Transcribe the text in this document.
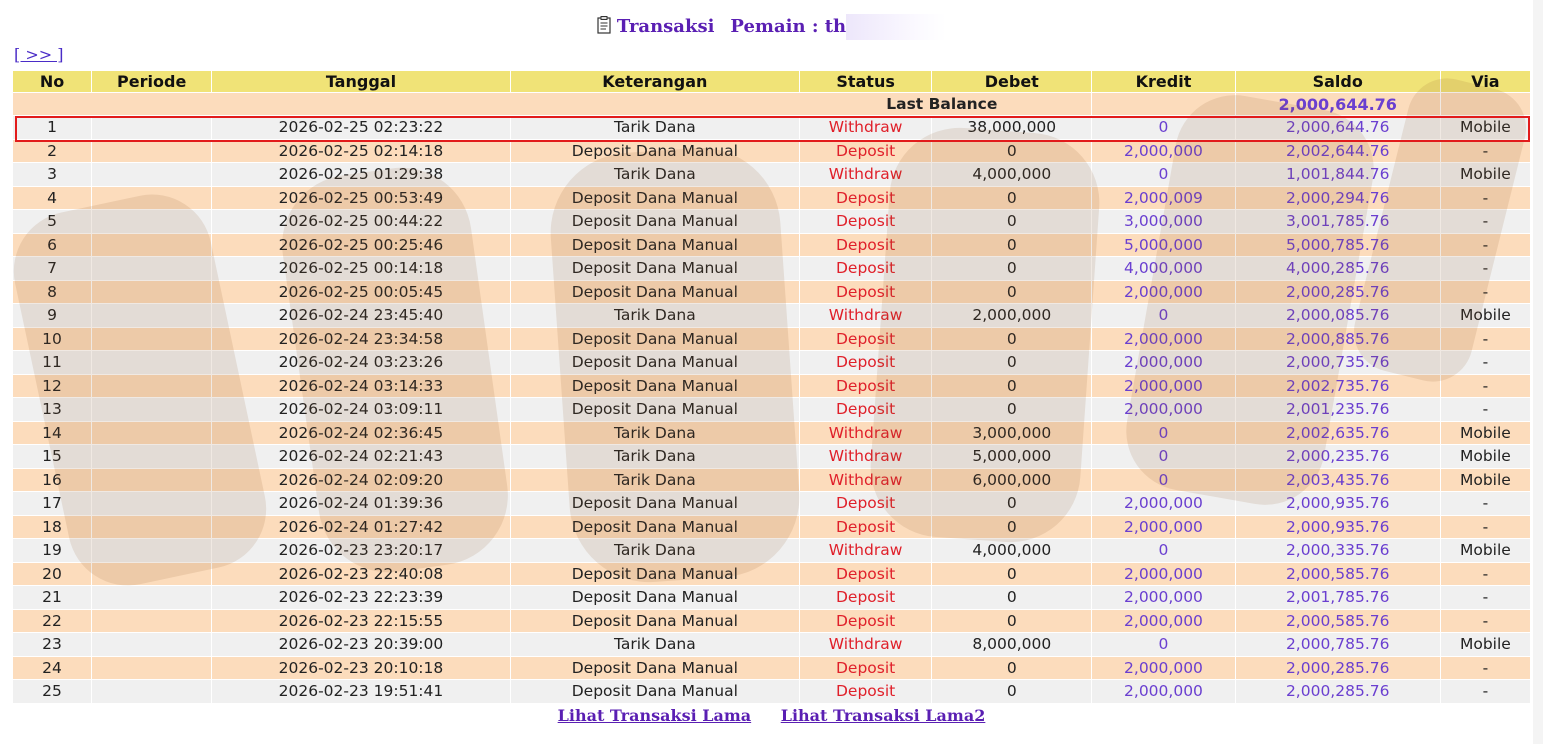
Transaksi Pemain : th
[ >> ]
No	Periode	Tanggal	Keterangan	Status	Debet	Kredit	Saldo	Via
Last Balance							2,000,644.76	
1		2026-02-25 02:23:22	Tarik Dana	Withdraw	38,000,000	0	2,000,644.76	Mobile
2		2026-02-25 02:14:18	Deposit Dana Manual	Deposit	0	2,000,000	2,002,644.76	-
3		2026-02-25 01:29:38	Tarik Dana	Withdraw	4,000,000	0	1,001,844.76	Mobile
4		2026-02-25 00:53:49	Deposit Dana Manual	Deposit	0	2,000,009	2,000,294.76	-
5		2026-02-25 00:44:22	Deposit Dana Manual	Deposit	0	3,000,000	3,001,785.76	-
6		2026-02-25 00:25:46	Deposit Dana Manual	Deposit	0	5,000,000	5,000,785.76	-
7		2026-02-25 00:14:18	Deposit Dana Manual	Deposit	0	4,000,000	4,000,285.76	-
8		2026-02-25 00:05:45	Deposit Dana Manual	Deposit	0	2,000,000	2,000,285.76	-
9		2026-02-24 23:45:40	Tarik Dana	Withdraw	2,000,000	0	2,000,085.76	Mobile
10		2026-02-24 23:34:58	Deposit Dana Manual	Deposit	0	2,000,000	2,000,885.76	-
11		2026-02-24 03:23:26	Deposit Dana Manual	Deposit	0	2,000,000	2,000,735.76	-
12		2026-02-24 03:14:33	Deposit Dana Manual	Deposit	0	2,000,000	2,002,735.76	-
13		2026-02-24 03:09:11	Deposit Dana Manual	Deposit	0	2,000,000	2,001,235.76	-
14		2026-02-24 02:36:45	Tarik Dana	Withdraw	3,000,000	0	2,002,635.76	Mobile
15		2026-02-24 02:21:43	Tarik Dana	Withdraw	5,000,000	0	2,000,235.76	Mobile
16		2026-02-24 02:09:20	Tarik Dana	Withdraw	6,000,000	0	2,003,435.76	Mobile
17		2026-02-24 01:39:36	Deposit Dana Manual	Deposit	0	2,000,000	2,000,935.76	-
18		2026-02-24 01:27:42	Deposit Dana Manual	Deposit	0	2,000,000	2,000,935.76	-
19		2026-02-23 23:20:17	Tarik Dana	Withdraw	4,000,000	0	2,000,335.76	Mobile
20		2026-02-23 22:40:08	Deposit Dana Manual	Deposit	0	2,000,000	2,000,585.76	-
21		2026-02-23 22:23:39	Deposit Dana Manual	Deposit	0	2,000,000	2,001,785.76	-
22		2026-02-23 22:15:55	Deposit Dana Manual	Deposit	0	2,000,000	2,000,585.76	-
23		2026-02-23 20:39:00	Tarik Dana	Withdraw	8,000,000	0	2,000,785.76	Mobile
24		2026-02-23 20:10:18	Deposit Dana Manual	Deposit	0	2,000,000	2,000,285.76	-
25		2026-02-23 19:51:41	Deposit Dana Manual	Deposit	0	2,000,000	2,000,285.76	-
Lihat Transaksi Lama Lihat Transaksi Lama2
